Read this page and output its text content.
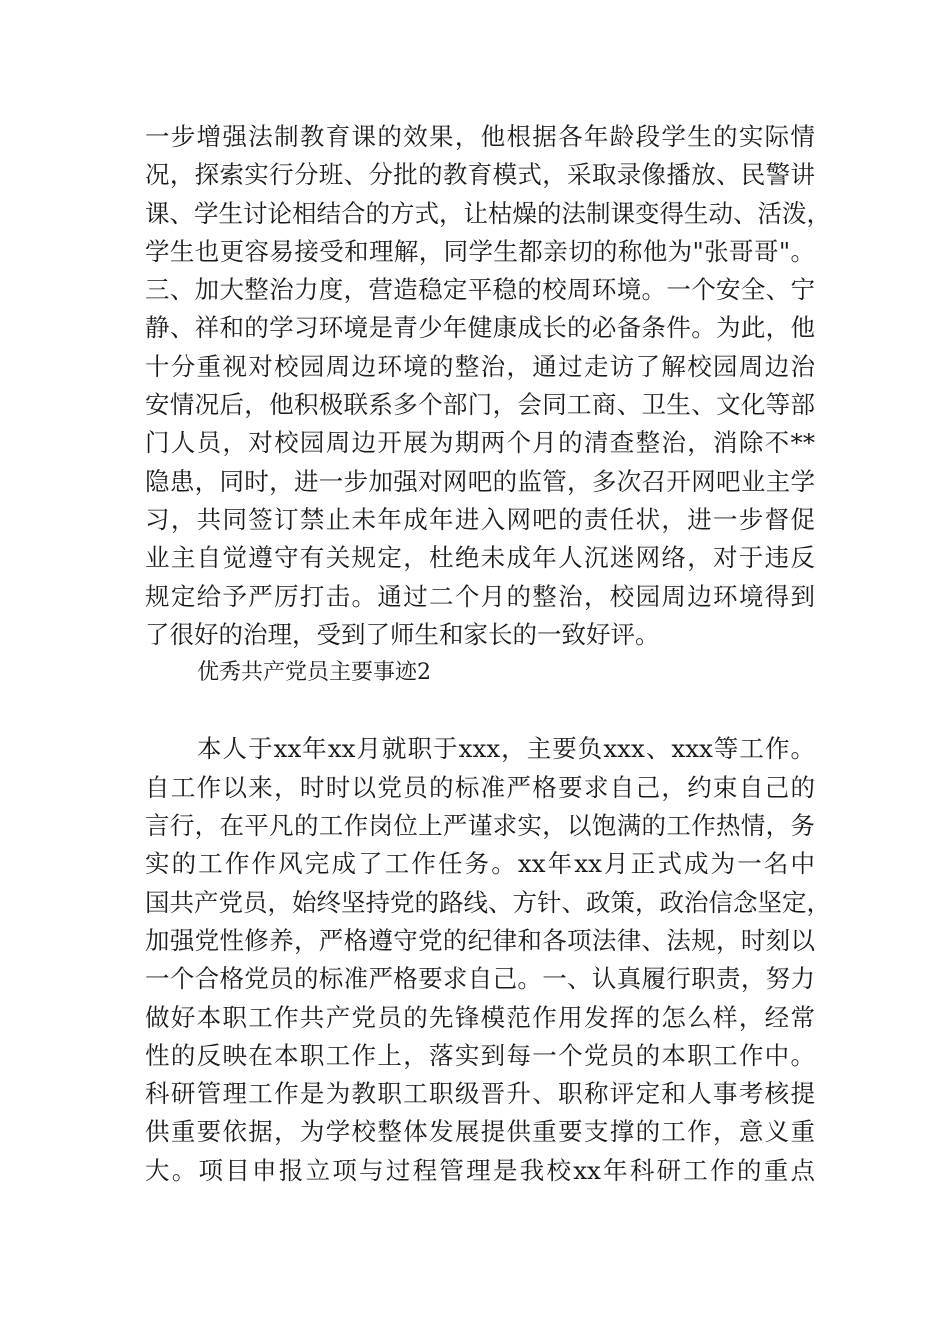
一步增强法制教育课的效果，他根据各年龄段学生的实际情
况，探索实行分班、分批的教育模式，采取录像播放、民警讲
课、学生讨论相结合的方式，让枯燥的法制课变得生动、活泼，
学生也更容易接受和理解，同学生都亲切的称他为"张哥哥"。
三、加大整治力度，营造稳定平稳的校周环境。一个安全、宁
静、祥和的学习环境是青少年健康成长的必备条件。为此，他
十分重视对校园周边环境的整治，通过走访了解校园周边治
安情况后，他积极联系多个部门，会同工商、卫生、文化等部
门人员，对校园周边开展为期两个月的清查整治，消除不**
隐患，同时，进一步加强对网吧的监管，多次召开网吧业主学
习，共同签订禁止未年成年进入网吧的责任状，进一步督促
业主自觉遵守有关规定，杜绝未成年人沉迷网络，对于违反
规定给予严厉打击。通过二个月的整治，校园周边环境得到
了很好的治理，受到了师生和家长的一致好评。
优秀共产党员主要事迹2
本人于xx年xx月就职于xxx，主要负xxx、xxx等工作。
自工作以来，时时以党员的标准严格要求自己，约束自己的
言行，在平凡的工作岗位上严谨求实，以饱满的工作热情，务
实的工作作风完成了工作任务。xx年xx月正式成为一名中
国共产党员，始终坚持党的路线、方针、政策，政治信念坚定，
加强党性修养，严格遵守党的纪律和各项法律、法规，时刻以
一个合格党员的标准严格要求自己。一、认真履行职责，努力
做好本职工作共产党员的先锋模范作用发挥的怎么样，经常
性的反映在本职工作上，落实到每一个党员的本职工作中。
科研管理工作是为教职工职级晋升、职称评定和人事考核提
供重要依据，为学校整体发展提供重要支撑的工作，意义重
大。项目申报立项与过程管理是我校xx年科研工作的重点
